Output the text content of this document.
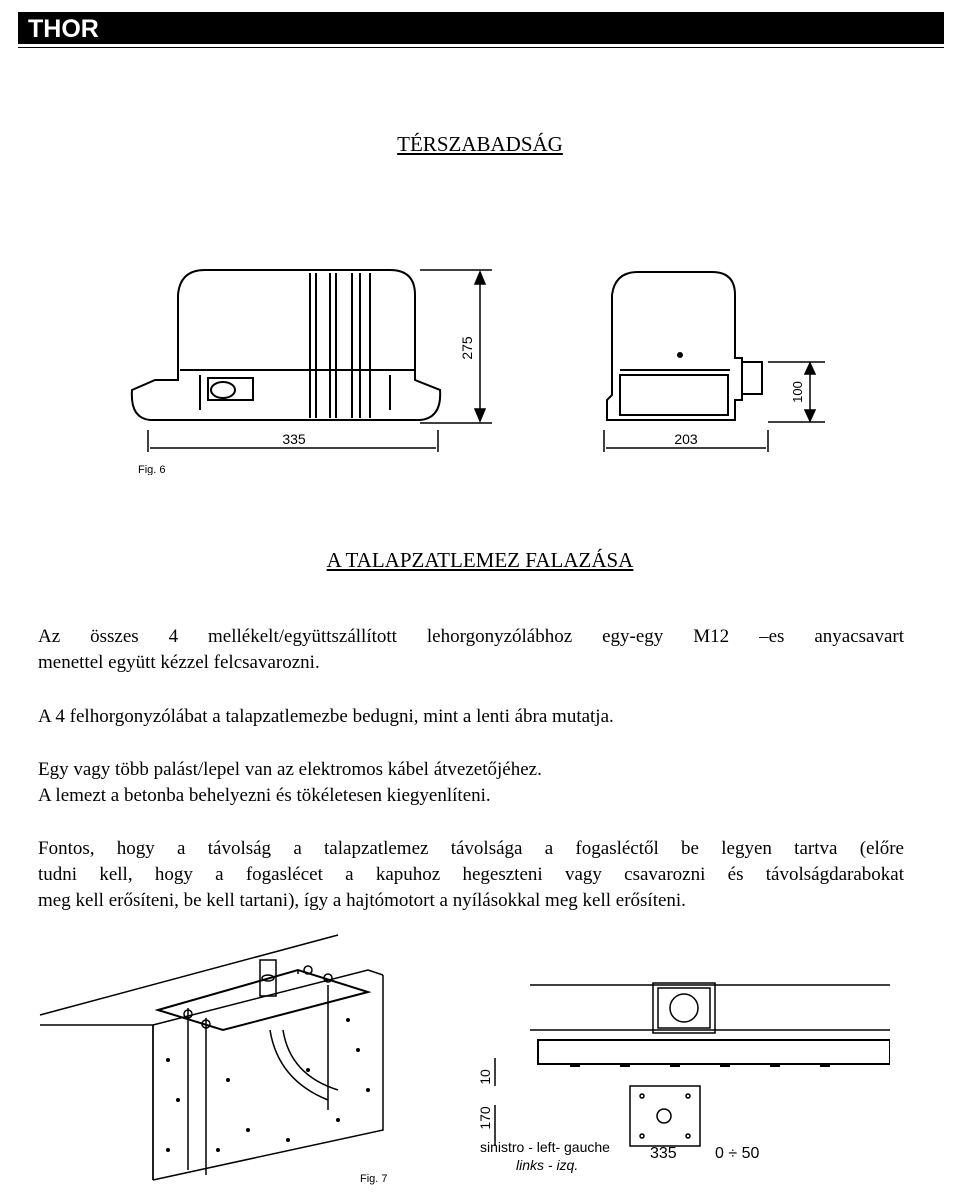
THOR
TÉRSZABADSÁG
335
275
Fig. 6
203
100
A TALAPZATLEMEZ FALAZÁSA

Az összes 4 mellékelt/együttszállított lehorgonyzólábhoz egy-egy M12 –es anyacsavart

menettel együtt kézzel felcsavarozni.

A 4 felhorgonyzólábat a talapzatlemezbe bedugni, mint a lenti ábra mutatja.

Egy vagy több palást/lepel van az elektromos kábel átvezetőjéhez.

A lemezt a betonba behelyezni és tökéletesen kiegyenlíteni.

Fontos, hogy a távolság a talapzatlemez távolsága a fogasléctől be legyen tartva (előre

tudni kell, hogy a fogaslécet a kapuhoz hegeszteni vagy csavarozni és távolságdarabokat

meg kell erősíteni, be kell tartani), így a hajtómotort a nyílásokkal meg kell erősíteni.

Fig. 7
10
170
sinistro - left- gauche
links - izq.
335 0 ÷ 50
